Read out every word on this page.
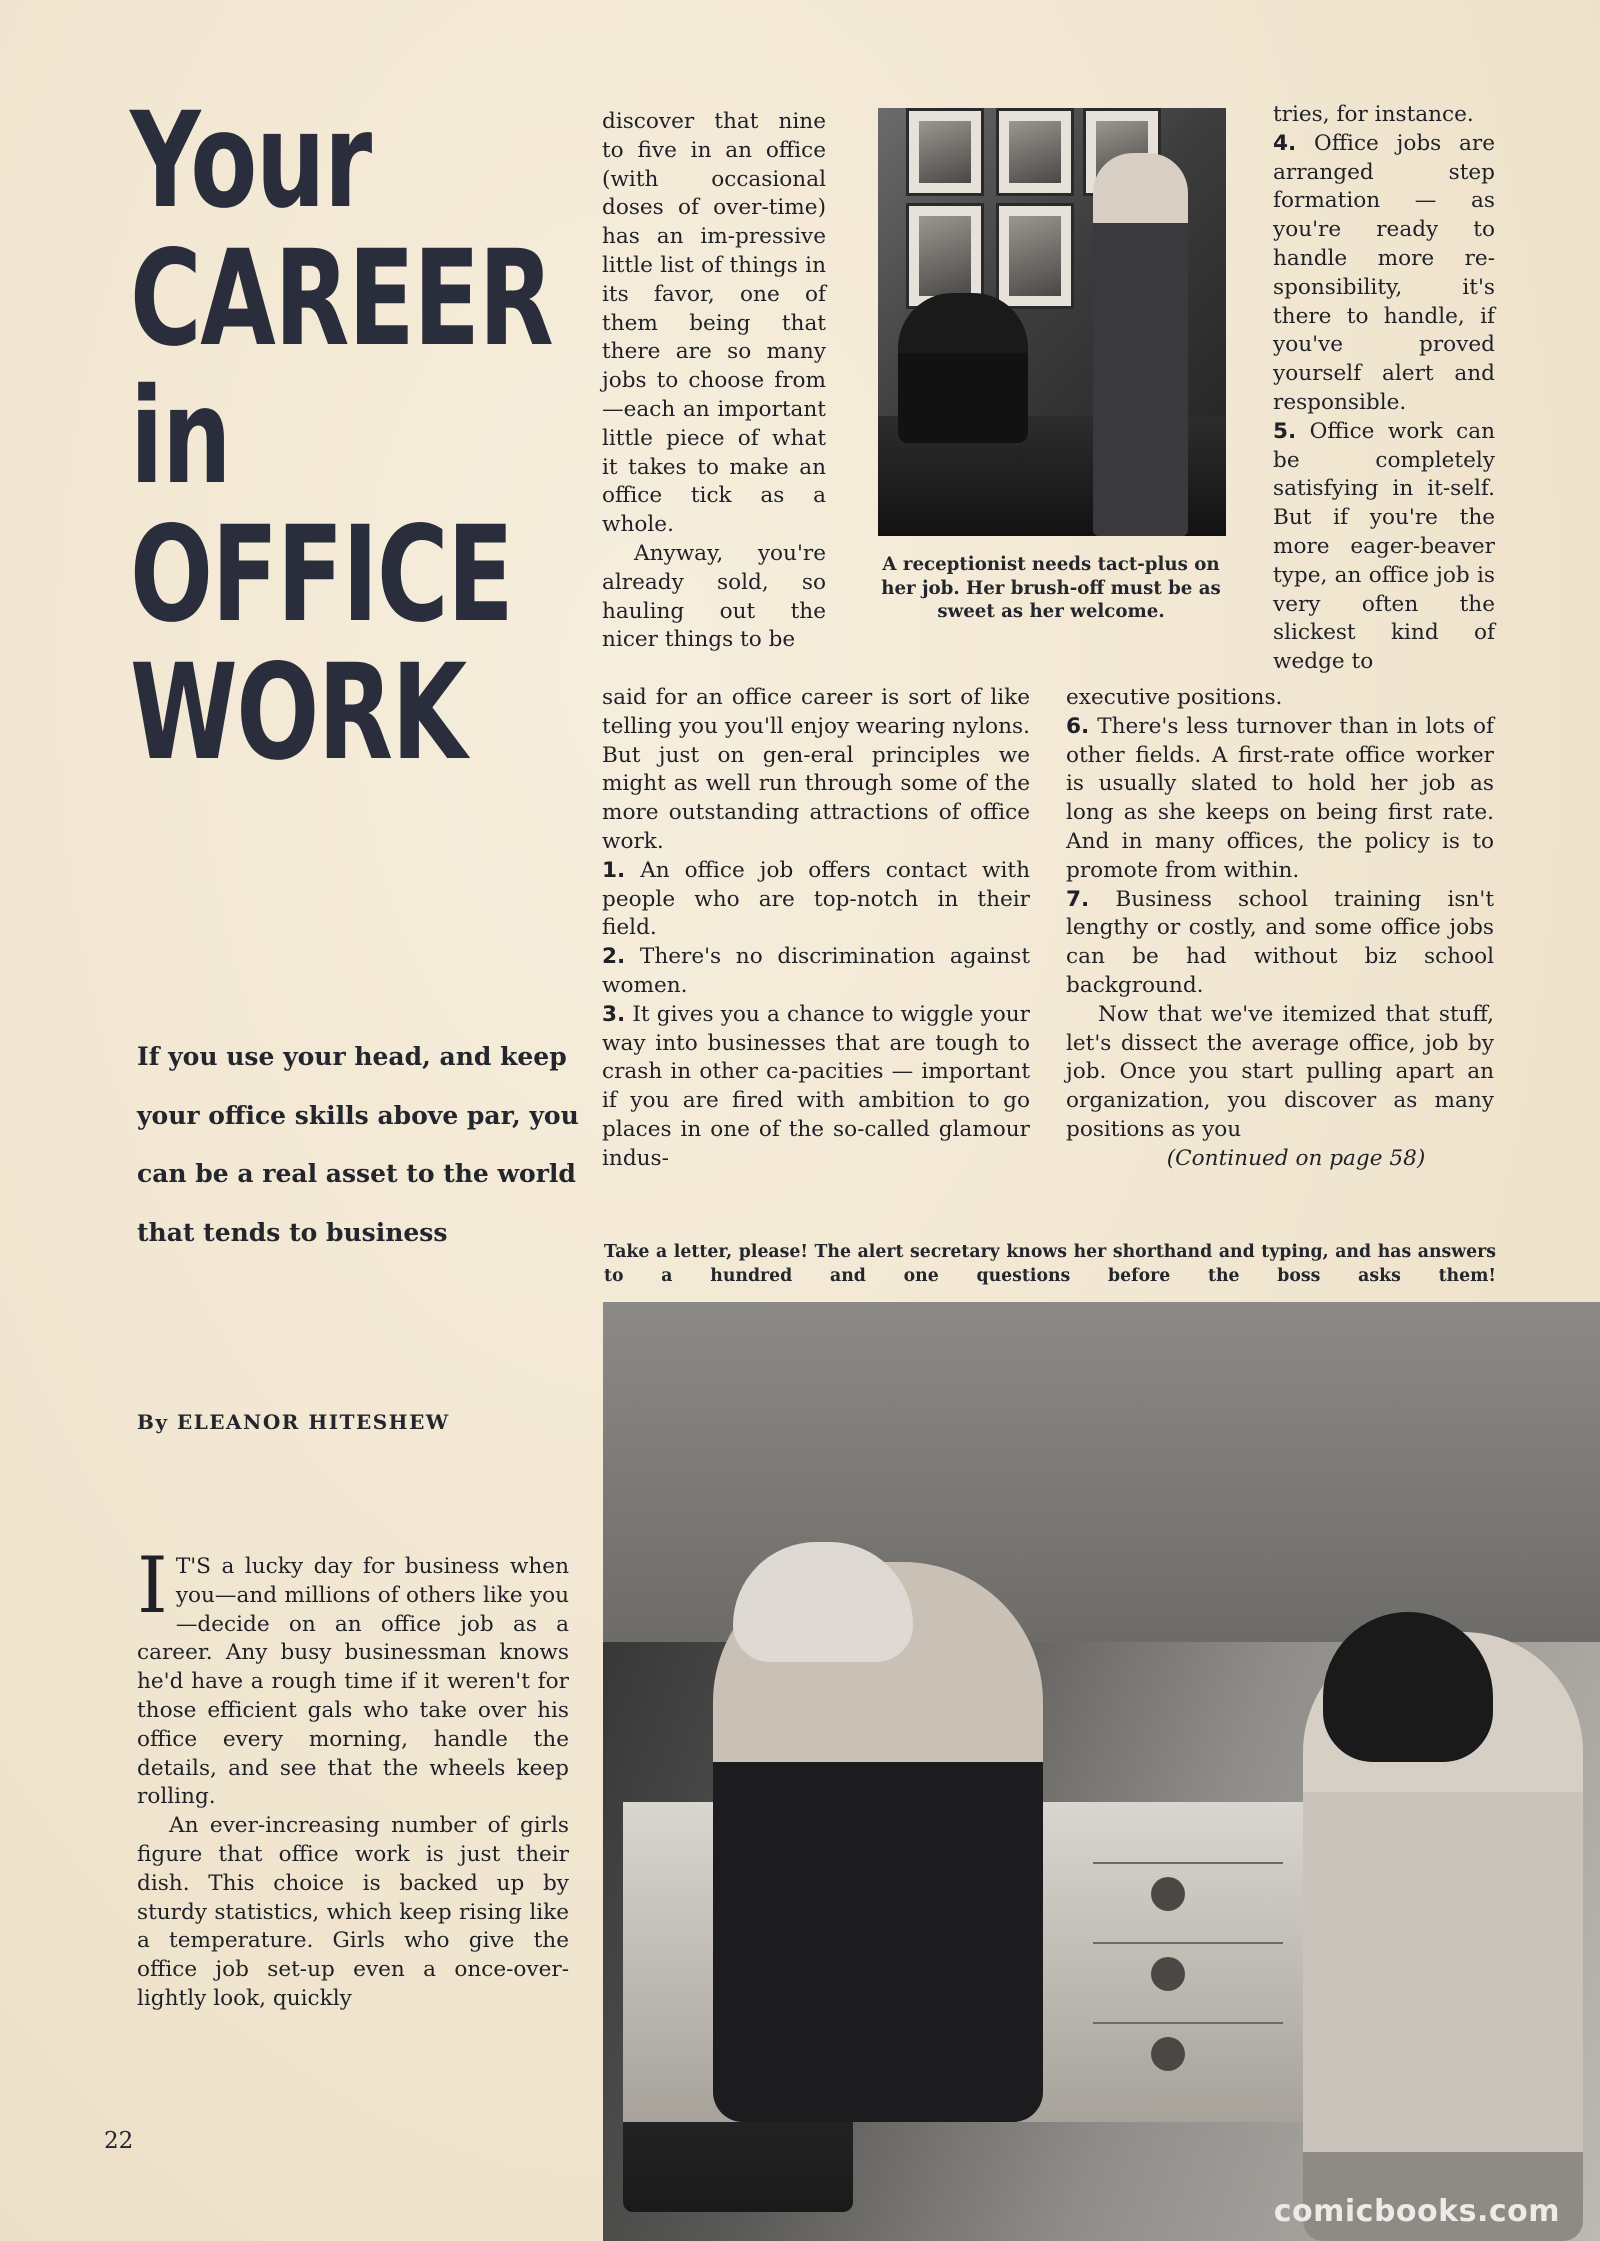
Your
CAREER
in
OFFICE
WORK

If you use your head, and keep your office skills above par, you can be a real asset to the world that tends to business

By ELEANOR HITESHEW

I T'S a lucky day for business when you—and millions of others like you—decide on an office job as a career. Any busy businessman knows he'd have a rough time if it weren't for those efficient gals who take over his office every morning, handle the details, and see that the wheels keep rolling.

An ever-increasing number of girls figure that office work is just their dish. This choice is backed up by sturdy statistics, which keep rising like a temperature. Girls who give the office job set-up even a once-over-lightly look, quickly

discover that nine to five in an office (with occasional doses of over-time) has an im-pressive little list of things in its favor, one of them being that there are so many jobs to choose from—each an important little piece of what it takes to make an office tick as a whole.

Anyway, you're already sold, so hauling out the nicer things to be

said for an office career is sort of like telling you you'll enjoy wearing nylons. But just on gen-eral principles we might as well run through some of the more outstanding attractions of office work.

1. An office job offers contact with people who are top-notch in their field.

2. There's no discrimination against women.

3. It gives you a chance to wiggle your way into businesses that are tough to crash in other ca-pacities — important if you are fired with ambition to go places in one of the so-called glamour indus-

tries, for instance.

4. Office jobs are arranged step formation — as you're ready to handle more re-sponsibility, it's there to handle, if you've proved yourself alert and responsible.

5. Office work can be completely satisfying in it-self. But if you're the more eager-beaver type, an office job is very often the slickest kind of wedge to

executive positions.

6. There's less turnover than in lots of other fields. A first-rate office worker is usually slated to hold her job as long as she keeps on being first rate. And in many offices, the policy is to promote from within.

7. Business school training isn't lengthy or costly, and some office jobs can be had without biz school background.

Now that we've itemized that stuff, let's dissect the average office, job by job. Once you start pulling apart an organization, you discover as many positions as you

(Continued on page 58)

A receptionist needs tact-plus on her job. Her brush-off must be as sweet as her welcome.

Take a letter, please! The alert secretary knows her shorthand and typing, and has answers to a hundred and one questions before the boss asks them!

comicbooks.com

22
